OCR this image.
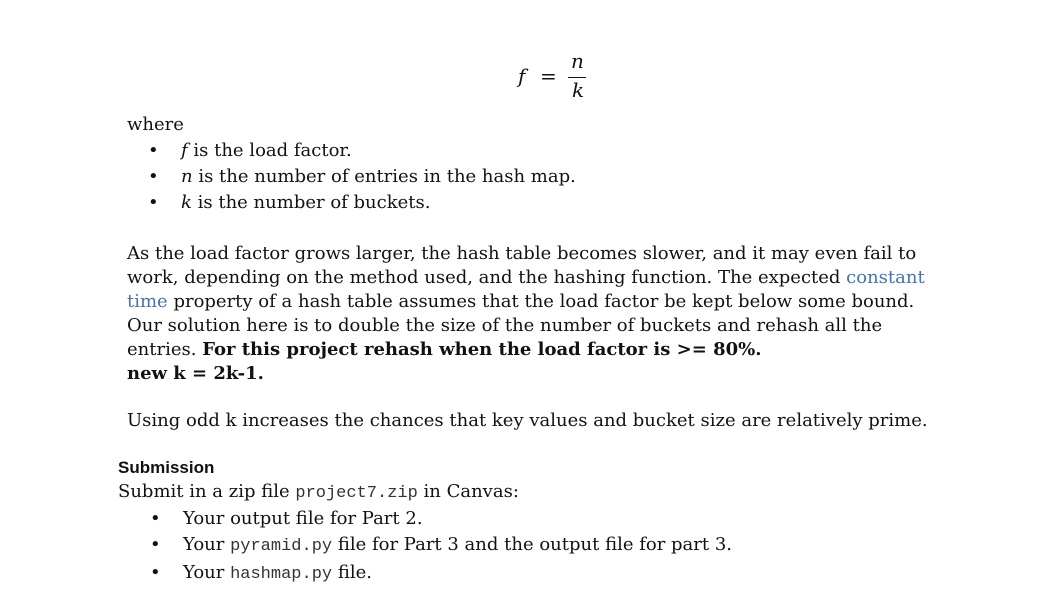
f =
n
k
where
• f is the load factor.
• n is the number of entries in the hash map.
• k is the number of buckets.
As the load factor grows larger, the hash table becomes slower, and it may even fail to
work, depending on the method used, and the hashing function. The expected constant
time property of a hash table assumes that the load factor be kept below some bound.
Our solution here is to double the size of the number of buckets and rehash all the
entries. For this project rehash when the load factor is >= 80%.
new k = 2k-1.
Using odd k increases the chances that key values and bucket size are relatively prime.
Submission
Submit in a zip file project7.zip in Canvas:
• Your output file for Part 2.
• Your pyramid.py file for Part 3 and the output file for part 3.
• Your hashmap.py file.
